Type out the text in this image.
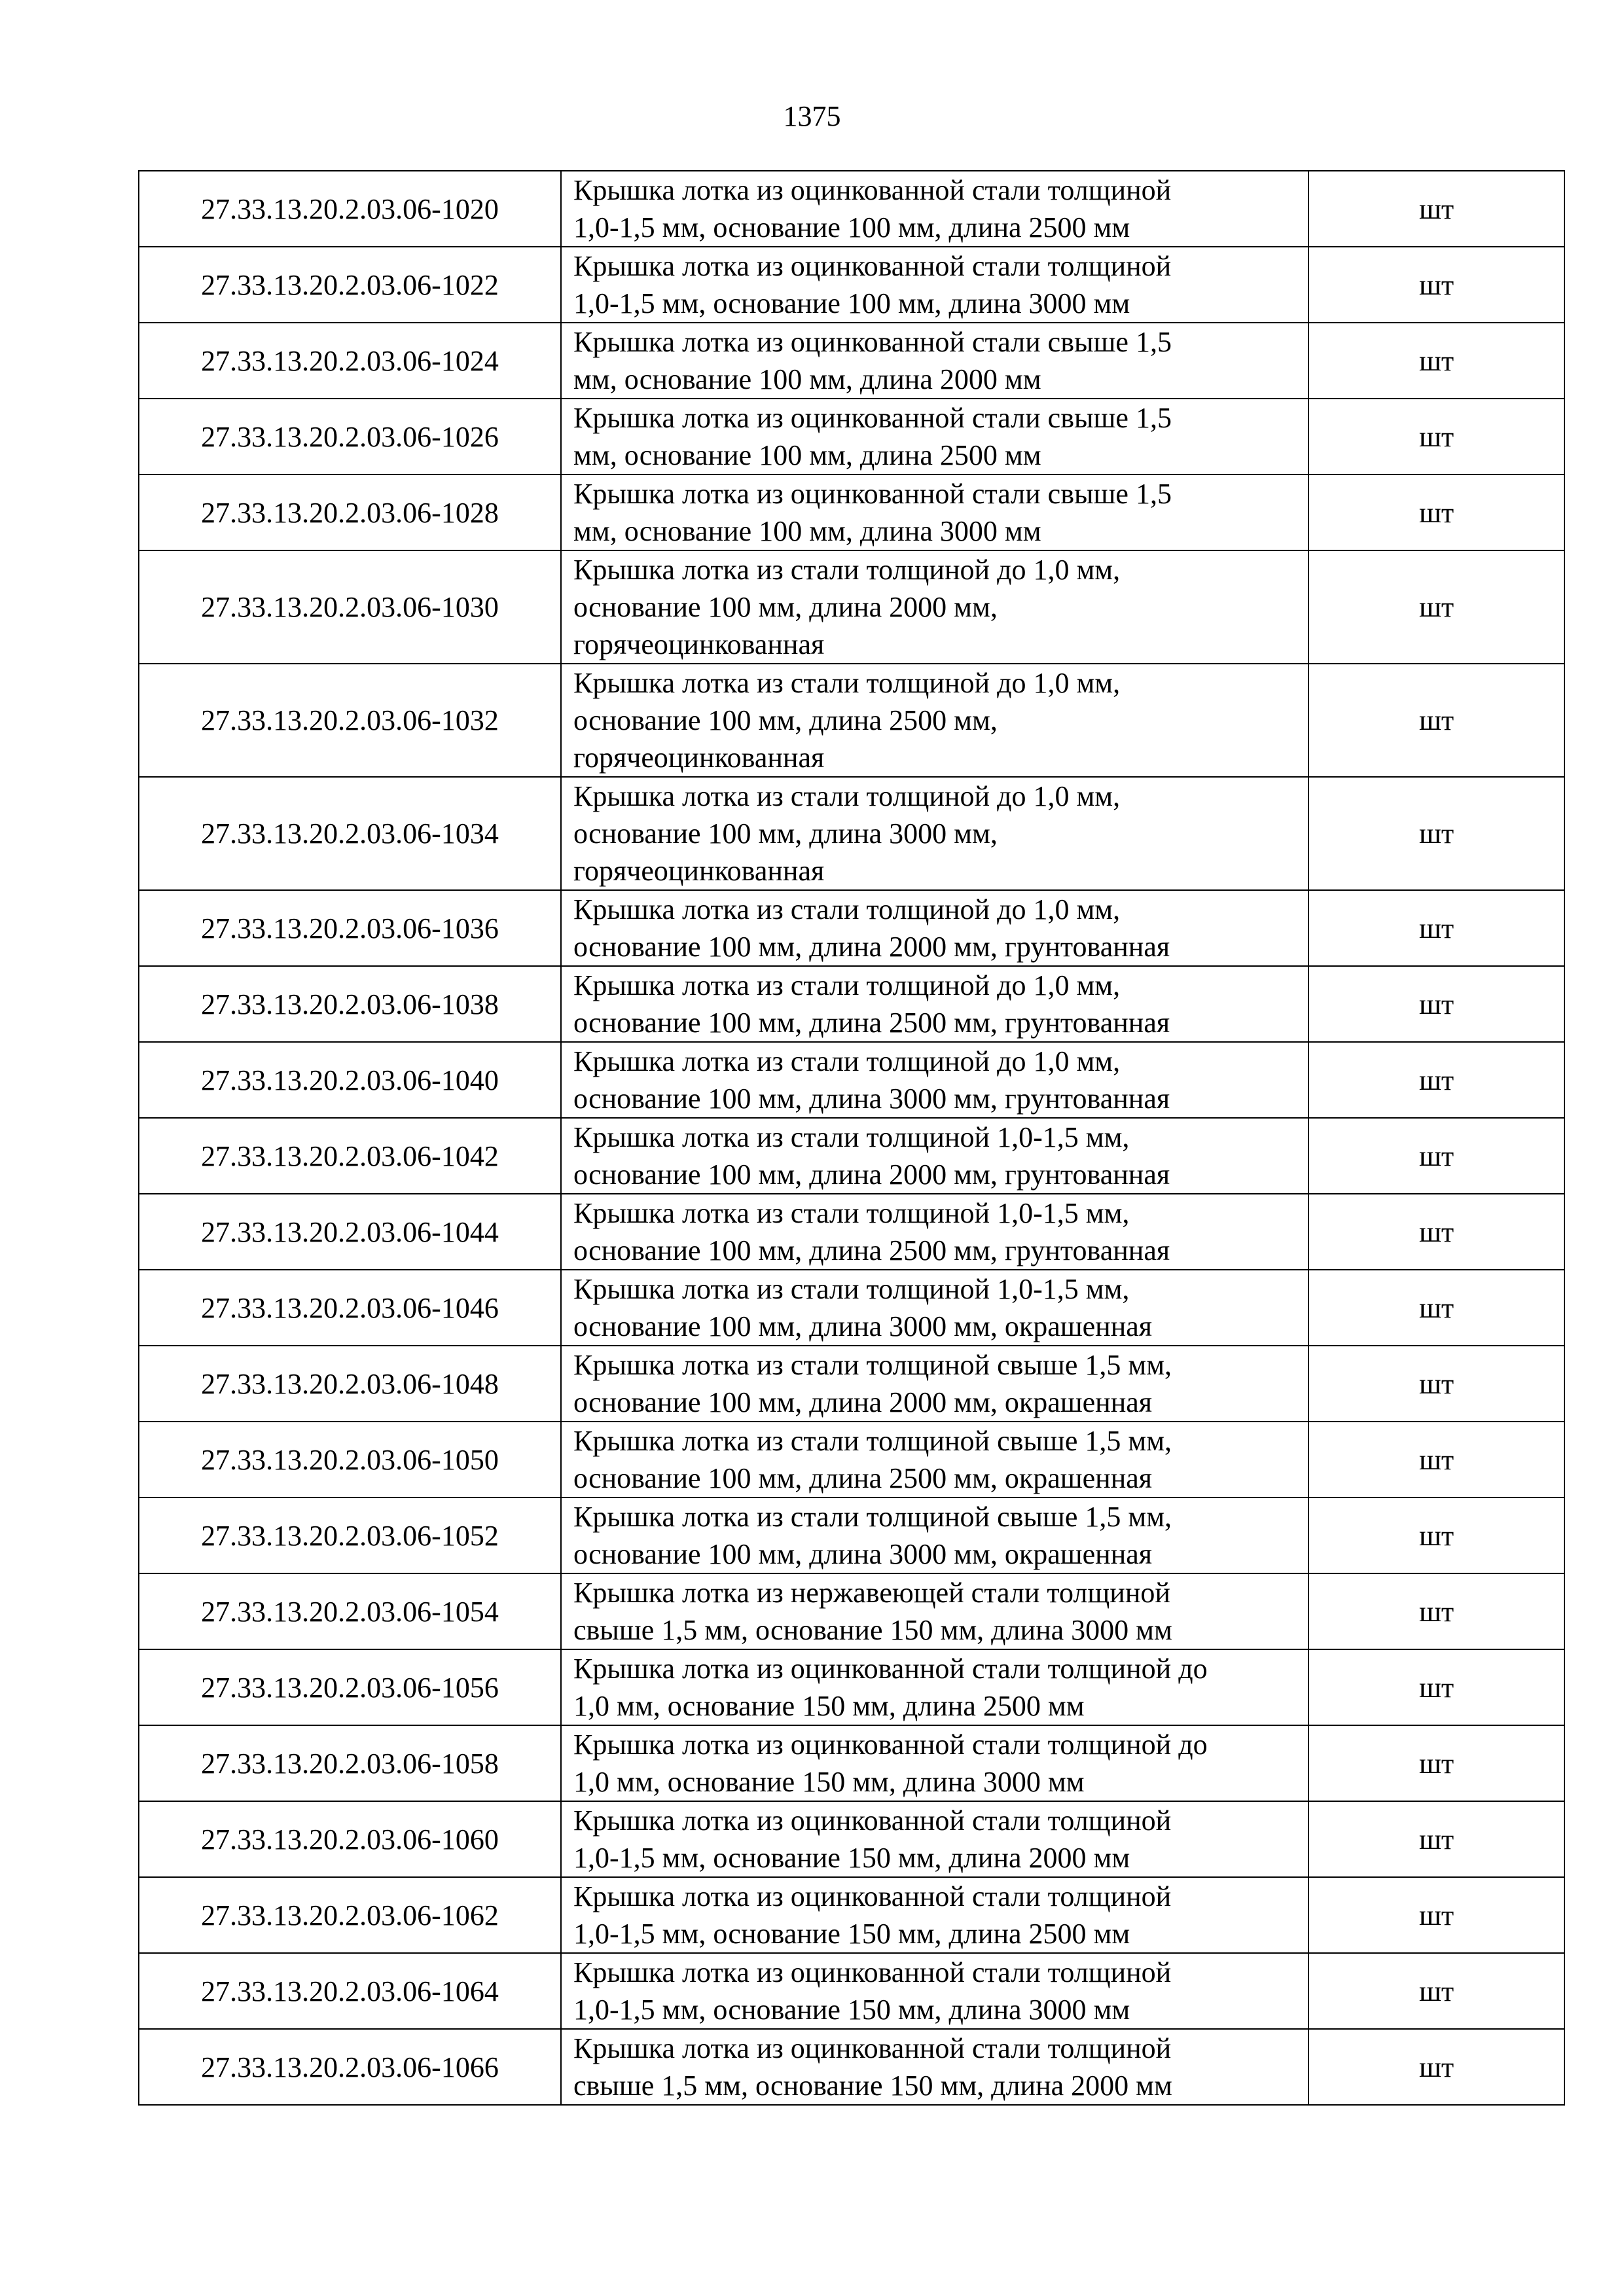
1375
27.33.13.20.2.03.06-1020	Крышка лотка из оцинкованной стали толщиной
1,0-1,5 мм, основание 100 мм, длина 2500 мм	шт
27.33.13.20.2.03.06-1022	Крышка лотка из оцинкованной стали толщиной
1,0-1,5 мм, основание 100 мм, длина 3000 мм	шт
27.33.13.20.2.03.06-1024	Крышка лотка из оцинкованной стали свыше 1,5
мм, основание 100 мм, длина 2000 мм	шт
27.33.13.20.2.03.06-1026	Крышка лотка из оцинкованной стали свыше 1,5
мм, основание 100 мм, длина 2500 мм	шт
27.33.13.20.2.03.06-1028	Крышка лотка из оцинкованной стали свыше 1,5
мм, основание 100 мм, длина 3000 мм	шт
27.33.13.20.2.03.06-1030	Крышка лотка из стали толщиной до 1,0 мм,
основание 100 мм, длина 2000 мм,
горячеоцинкованная	шт
27.33.13.20.2.03.06-1032	Крышка лотка из стали толщиной до 1,0 мм,
основание 100 мм, длина 2500 мм,
горячеоцинкованная	шт
27.33.13.20.2.03.06-1034	Крышка лотка из стали толщиной до 1,0 мм,
основание 100 мм, длина 3000 мм,
горячеоцинкованная	шт
27.33.13.20.2.03.06-1036	Крышка лотка из стали толщиной до 1,0 мм,
основание 100 мм, длина 2000 мм, грунтованная	шт
27.33.13.20.2.03.06-1038	Крышка лотка из стали толщиной до 1,0 мм,
основание 100 мм, длина 2500 мм, грунтованная	шт
27.33.13.20.2.03.06-1040	Крышка лотка из стали толщиной до 1,0 мм,
основание 100 мм, длина 3000 мм, грунтованная	шт
27.33.13.20.2.03.06-1042	Крышка лотка из стали толщиной 1,0-1,5 мм,
основание 100 мм, длина 2000 мм, грунтованная	шт
27.33.13.20.2.03.06-1044	Крышка лотка из стали толщиной 1,0-1,5 мм,
основание 100 мм, длина 2500 мм, грунтованная	шт
27.33.13.20.2.03.06-1046	Крышка лотка из стали толщиной 1,0-1,5 мм,
основание 100 мм, длина 3000 мм, окрашенная	шт
27.33.13.20.2.03.06-1048	Крышка лотка из стали толщиной свыше 1,5 мм,
основание 100 мм, длина 2000 мм, окрашенная	шт
27.33.13.20.2.03.06-1050	Крышка лотка из стали толщиной свыше 1,5 мм,
основание 100 мм, длина 2500 мм, окрашенная	шт
27.33.13.20.2.03.06-1052	Крышка лотка из стали толщиной свыше 1,5 мм,
основание 100 мм, длина 3000 мм, окрашенная	шт
27.33.13.20.2.03.06-1054	Крышка лотка из нержавеющей стали толщиной
свыше 1,5 мм, основание 150 мм, длина 3000 мм	шт
27.33.13.20.2.03.06-1056	Крышка лотка из оцинкованной стали толщиной до
1,0 мм, основание 150 мм, длина 2500 мм	шт
27.33.13.20.2.03.06-1058	Крышка лотка из оцинкованной стали толщиной до
1,0 мм, основание 150 мм, длина 3000 мм	шт
27.33.13.20.2.03.06-1060	Крышка лотка из оцинкованной стали толщиной
1,0-1,5 мм, основание 150 мм, длина 2000 мм	шт
27.33.13.20.2.03.06-1062	Крышка лотка из оцинкованной стали толщиной
1,0-1,5 мм, основание 150 мм, длина 2500 мм	шт
27.33.13.20.2.03.06-1064	Крышка лотка из оцинкованной стали толщиной
1,0-1,5 мм, основание 150 мм, длина 3000 мм	шт
27.33.13.20.2.03.06-1066	Крышка лотка из оцинкованной стали толщиной
свыше 1,5 мм, основание 150 мм, длина 2000 мм	шт
